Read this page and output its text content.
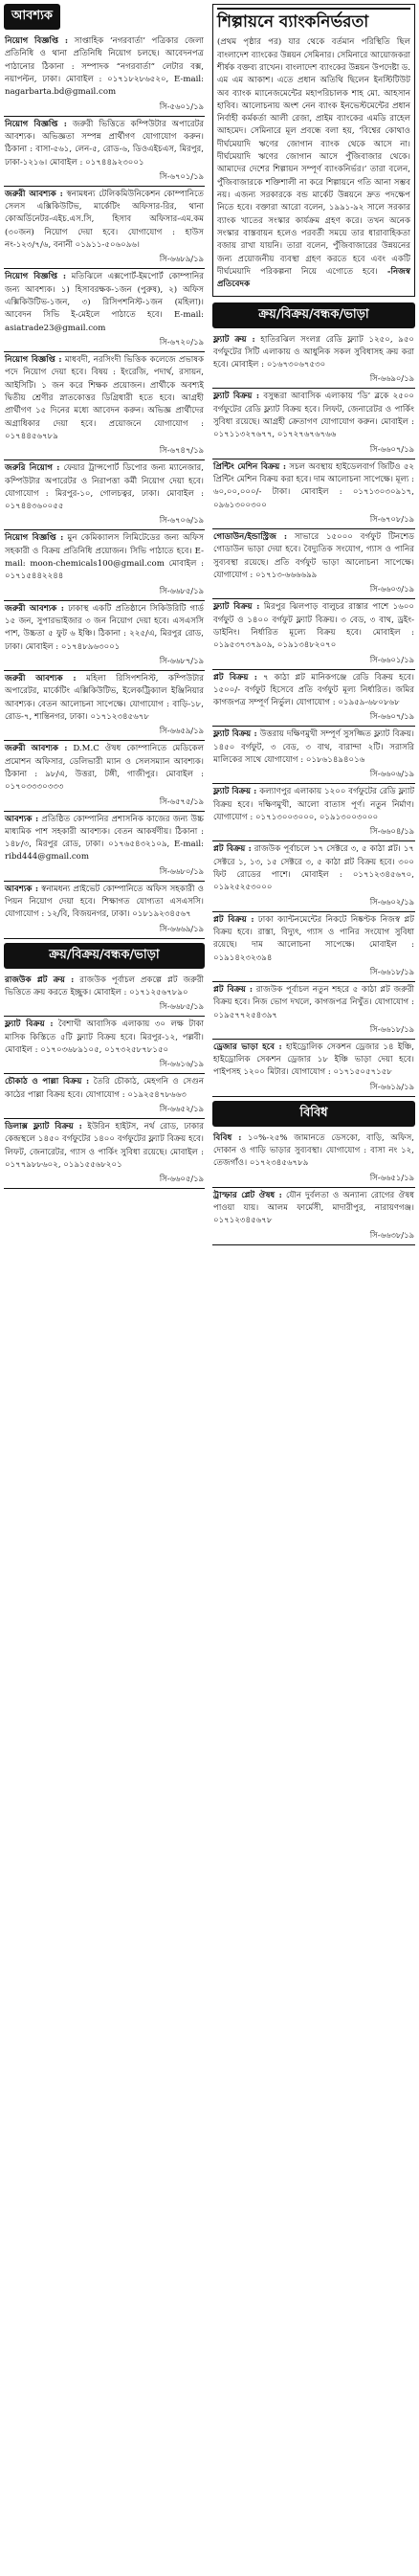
আবশ্যক

নিয়োগ বিজ্ঞপ্তি : সাপ্তাহিক ‘নগরবার্তা’ পত্রিকার জেলা প্রতিনিধি ও থানা প্রতিনিধি নিয়োগ চলছে। আবেদনপত্র পাঠানোর ঠিকানা : সম্পাদক “নগরবার্তা” লেটার বক্স, নয়াপল্টন, ঢাকা। মোবাইল : ০১৭১৮২৮৬৫২০, E-mail: nagarbarta.bd@gmail.com
সি-৫৬০১/১৯

নিয়োগ বিজ্ঞপ্তি : জরুরী ভিত্তিতে কম্পিউটার অপারেটর আবশ্যক। অভিজ্ঞতা সম্পন্ন প্রার্থীগণ যোগাযোগ করুন। ঠিকানা : বাসা-৫৬১, লেন-৫, রোড-৬, ডিওএইচএস, মিরপুর, ঢাকা-১২১৬। মোবাইল : ০১৭৪৪৯২৩০০১
সি-৬৭০১/১৯

জরুরী আবশ্যক : স্বনামধন্য টেলিকমিউনিকেশন কোম্পানিতে সেলস এক্সিকিউটিভ, মার্কেটিং অফিসার-রির, থানা কোঅর্ডিনেটর-এইচ.এস.সি, হিসাব অফিসার-এম.কম (৩০জন) নিয়োগ দেয়া হবে। যোগাযোগ : হাউস নং-১২৩/৭/৬, বনানী ০১৯১১-৫০৬০৯৬।
সি-৬৬৮৯/১৯

নিয়োগ বিজ্ঞপ্তি : মতিঝিলে এক্সপোর্ট-ইমপোর্ট কোম্পানির জন্য আবশ্যক। ১) হিসাবরক্ষক-১জন (পুরুষ), ২) অফিস এক্সিকিউটিভ-১জন, ৩) রিসিপশনিস্ট-১জন (মহিলা)। আবেদন সিভি ই-মেইলে পাঠাতে হবে। E-mail: asiatrade23@gmail.com
সি-৬৭২০/১৯

নিয়োগ বিজ্ঞপ্তি : মাধবদী, নরসিংদী ভিত্তিক কলেজে প্রভাষক পদে নিয়োগ দেয়া হবে। বিষয় : ইংরেজি, পদার্থ, রসায়ন, আইসিটি। ১ জন করে শিক্ষক প্রয়োজন। প্রার্থীকে অবশ্যই দ্বিতীয় শ্রেণীর স্নাতকোত্তর ডিগ্রিধারী হতে হবে। আগ্রহী প্রার্থীগণ ১৫ দিনের মধ্যে আবেদন করুন। অভিজ্ঞ প্রার্থীদের অগ্রাধিকার দেয়া হবে। প্রয়োজনে যোগাযোগ : ০১৭৪৪৫৬৭৮৯
সি-৬৭৪৭/১৯

জরুরি নিয়োগ : ফেয়ার ট্রান্সপোর্ট ডিপোর জন্য ম্যানেজার, কম্পিউটার অপারেটর ও নিরাপত্তা কর্মী নিয়োগ দেয়া হবে। যোগাযোগ : মিরপুর-১০, গোলচত্বর, ঢাকা। মোবাইল : ০১৭৪৪৩৬০০৫৫
সি-৬৭০৬/১৯

নিয়োগ বিজ্ঞপ্তি : মুন কেমিক্যালস লিমিটেডের জন্য অফিস সহকারী ও বিক্রয় প্রতিনিধি প্রয়োজন। সিভি পাঠাতে হবে। E-mail: moon-chemicals100@gmail.com মোবাইল : ০১৭১৫৪৪২২৪৪
সি-৬৬৮৫/১৯

জরুরী আবশ্যক : ঢাকাস্থ একটি প্রতিষ্ঠানে সিকিউরিটি গার্ড ১৫ জন, সুপারভাইজার ৩ জন নিয়োগ দেয়া হবে। এসএসসি পাশ, উচ্চতা ৫ ফুট ৬ ইঞ্চি। ঠিকানা : ২২৫/এ, মিরপুর রোড, ঢাকা। মোবাইল : ০১৭৪৮৯৬৩০০১
সি-৬৬৮৭/১৯

জরুরী আবশ্যক : মহিলা রিসিপশনিস্ট, কম্পিউটার অপারেটর, মার্কেটিং এক্সিকিউটিভ, ইলেকট্রিক্যাল ইঞ্জিনিয়ার আবশ্যক। বেতন আলোচনা সাপেক্ষে। যোগাযোগ : বাড়ি-১৮, রোড-৭, শান্তিনগর, ঢাকা। ০১৭১২৩৪৫৬৭৮
সি-৬৬৫৯/১৯

জরুরী আবশ্যক : D.M.C ঔষধ কোম্পানিতে মেডিকেল প্রমোশন অফিসার, ডেলিভারী ম্যান ও সেলসম্যান আবশ্যক। ঠিকানা : ৯৮/এ, উত্তরা, টঙ্গী, গাজীপুর। মোবাইল : ০১৭০৩৩৩০৩৩৩
সি-৬৫৭৫/১৯

আবশ্যক : প্রতিষ্ঠিত কোম্পানির প্রশাসনিক কাজের জন্য উচ্চ মাধ্যমিক পাশ সহকারী আবশ্যক। বেতন আকর্ষণীয়। ঠিকানা : ১৪৮/৩, মিরপুর রোড, ঢাকা। ০১৭৬৫৪৩২১০৯, E-mail: ribd444@gmail.com
সি-৬৬৮০/১৯

আবশ্যক : স্বনামধন্য প্রাইভেট কোম্পানিতে অফিস সহকারী ও পিয়ন নিয়োগ দেয়া হবে। শিক্ষাগত যোগ্যতা এসএসসি। যোগাযোগ : ১২/বি, বিজয়নগর, ঢাকা। ০১৮১৯২৩৪৫৬৭
সি-৬৬৬৯/১৯

ক্রয়/বিক্রয়/বন্ধক/ভাড়া

রাজউক প্লট ক্রয় : রাজউক পূর্বাচল প্রকল্পে প্লট জরুরী ভিত্তিতে ক্রয় করতে ইচ্ছুক। মোবাইল : ০১৭১২৫৬৭৮৯০
সি-৬৬৮৫/১৯

ফ্ল্যাট বিক্রয় : বৈশাখী আবাসিক এলাকায় ৩০ লক্ষ টাকা মাসিক কিস্তিতে ৫টি ফ্ল্যাট বিক্রয় হবে। মিরপুর-১২, পল্লবী। মোবাইল : ০১৭০৩৬৮৯১০৫, ০১৭৩২৫৮৭৮১৫০
সি-৬৬১৬/১৯

চৌকাঠ ও পাল্লা বিক্রয় : তৈরি চৌকাঠ, মেহগনি ও সেগুন কাঠের পাল্লা বিক্রয় হবে। যোগাযোগ : ০১৯২৫৪৭৮৬৬৩
সি-৬৬৫২/১৯

ডিলাক্স ফ্ল্যাট বিক্রয় : ইউরিন হাইটস, নর্থ রোড, ঢাকার কেন্দ্রস্থলে ১৪৫০ বর্গফুটের ১৪০০ বর্গফুটের ফ্ল্যাট বিক্রয় হবে। লিফট, জেনারেটর, গ্যাস ও পার্কিং সুবিধা রয়েছে। মোবাইল : ০১৭৭৯৮৮৬০২, ০১৯১৫৫৬৮২০১
সি-৬৬০৫/১৯

শিল্পায়নে ব্যাংকনির্ভরতা

(প্রথম পৃষ্ঠার পর) যার থেকে বর্তমান পরিস্থিতি ছিল বাংলাদেশ ব্যাংকের উন্নয়ন সেমিনার। সেমিনারে আয়োজকরা শীর্ষক বক্তব্য রাখেন। বাংলাদেশ ব্যাংকের উন্নয়ন উপদেষ্টা ড. এম এম আকাশ। এতে প্রধান অতিথি ছিলেন ইনস্টিটিউট অব ব্যাংক ম্যানেজমেন্টের মহাপরিচালক শাহ মো. আহসান হাবিব। আলোচনায় অংশ নেন ব্যাংক ইনভেস্টমেন্টের প্রধান নির্বাহী কর্মকর্তা আলী রেজা, প্রাইম ব্যাংকের এমডি রাহেল আহমেদ। সেমিনারে মূল প্রবন্ধে বলা হয়, ‘বিশ্বের কোথাও দীর্ঘমেয়াদি ঋণের জোগান ব্যাংক থেকে আসে না। দীর্ঘমেয়াদি ঋণের জোগান আসে পুঁজিবাজার থেকে। আমাদের দেশের শিল্পায়ন সম্পূর্ণ ব্যাংকনির্ভর।’ তারা বলেন, পুঁজিবাজারকে শক্তিশালী না করে শিল্পায়নে গতি আনা সম্ভব নয়। এজন্য সরকারকে বন্ড মার্কেট উন্নয়নে দ্রুত পদক্ষেপ নিতে হবে। বক্তারা আরো বলেন, ১৯৯১-৯২ সালে সরকার ব্যাংক খাতের সংস্কার কার্যক্রম গ্রহণ করে। তখন অনেক সংস্কার বাস্তবায়ন হলেও পরবর্তী সময়ে তার ধারাবাহিকতা বজায় রাখা যায়নি। তারা বলেন, পুঁজিবাজারের উন্নয়নের জন্য প্রয়োজনীয় ব্যবস্থা গ্রহণ করতে হবে এবং একটি দীর্ঘমেয়াদি পরিকল্পনা নিয়ে এগোতে হবে। -নিজস্ব প্রতিবেদক

ক্রয়/বিক্রয়/বন্ধক/ভাড়া

ফ্ল্যাট ক্রয় : হাতিরঝিল সংলগ্ন রেডি ফ্ল্যাট ১২৫০, ৯৫০ বর্গফুটের সিটি এলাকায় ও আধুনিক সকল সুবিধাসহ ক্রয় করা হবে। মোবাইল : ০১৬৭৩০৬৭৫৩০
সি-৬৬৯০/১৯

ফ্ল্যাট বিক্রয় : বসুন্ধরা আবাসিক এলাকায় ‘ডি’ ব্লকে ২৫০০ বর্গফুটের রেডি ফ্ল্যাট বিক্রয় হবে। লিফট, জেনারেটর ও পার্কিং সুবিধা রয়েছে। আগ্রহী ক্রেতাগণ যোগাযোগ করুন। মোবাইল : ০১৭১১৩২৭৬৭৭, ০১৭২৭৬৭৬৭৬৬
সি-৬৬০৭/১৯

প্রিন্টিং মেশিন বিক্রয় : সচল অবস্থায় হাইডেলবার্গ জিটিও ৫২ প্রিন্টিং মেশিন বিক্রয় করা হবে। দাম আলোচনা সাপেক্ষে। মূল্য : ৬০,০০,০০০/- টাকা। মোবাইল : ০১৭১৩০৩০৯১৭, ০৯৬১৩০০৩০০
সি-৬৭০৮/১৯

গোডাউন/ইন্ডাস্ট্রিজ : সাভারে ১৫০০০ বর্গফুট টিনশেড গোডাউন ভাড়া দেয়া হবে। বৈদ্যুতিক সংযোগ, গ্যাস ও পানির সুব্যবস্থা রয়েছে। প্রতি বর্গফুট ভাড়া আলোচনা সাপেক্ষে। যোগাযোগ : ০১৭১৩-৬৬৬৬৯৯
সি-৬৬০৩/১৯

ফ্ল্যাট বিক্রয় : মিরপুর ঝিলপাড় বালুচর রাস্তার পাশে ১৬০০ বর্গফুট ও ১৪০০ বর্গফুট ফ্ল্যাট বিক্রয়। ৩ বেড, ৩ বাথ, ড্রইং-ডাইনিং। নির্ধারিত মূল্যে বিক্রয় হবে। মোবাইল : ০১৯৫৩৭৩৭৯০৯, ০১৯১৩৪৮২০৭০
সি-৬৬০১/১৯

প্লট বিক্রয় : ৭ কাঠা প্লট মানিকগঞ্জে রেডি বিক্রয় হবে। ১৫০০/- বর্গফুট হিসেবে প্রতি বর্গফুট মূল্য নির্ধারিত। জমির কাগজপত্র সম্পূর্ণ নির্ভুল। যোগাযোগ : ০১৯৫৯-৬৮০৮৬৮
সি-৬৬০৭/১৯

ফ্ল্যাট বিক্রয় : উত্তরায় দক্ষিণমুখী সম্পূর্ণ সুসজ্জিত ফ্ল্যাট বিক্রয়। ১৪৫০ বর্গফুট, ৩ বেড, ৩ বাথ, বারান্দা ২টি। সরাসরি মালিকের সাথে যোগাযোগ : ০১৮৬১৪৯৪০১৬
সি-৬৬০৬/১৯

ফ্ল্যাট বিক্রয় : কল্যাণপুর এলাকায় ১২০০ বর্গফুটের রেডি ফ্ল্যাট বিক্রয় হবে। দক্ষিণমুখী, আলো বাতাস পূর্ণ। নতুন নির্মাণ। যোগাযোগ : ০১৭১৩০০৩০০০, ০১৯১৩০০৩০০০
সি-৬৬০৪/১৯

প্লট বিক্রয় : রাজউক পূর্বাচলে ১৭ সেক্টরে ৩, ৫ কাঠা প্লট। ১৭ সেক্টরে ১, ১৩, ১৫ সেক্টরে ৩, ৫ কাঠা প্লট বিক্রয় হবে। ৩০০ ফিট রোডের পাশে। মোবাইল : ০১৭১২৩৪৫৬৭০, ০১৯২৫২৫৩০০০
সি-৬৬০২/১৯

প্লট বিক্রয় : ঢাকা ক্যান্টনমেন্টের নিকটে নিষ্কণ্টক নিজস্ব প্লট বিক্রয় হবে। রাস্তা, বিদ্যুৎ, গ্যাস ও পানির সংযোগ সুবিধা রয়েছে। দাম আলোচনা সাপেক্ষে। মোবাইল : ০১৯১৪২৩২৩৯৪
সি-৬৬১৮/১৯

প্লট বিক্রয় : রাজউক পূর্বাচল নতুন শহরে ৫ কাঠা প্লট জরুরী বিক্রয় হবে। নিজ ভোগ দখলে, কাগজপত্র নিখুঁত। যোগাযোগ : ০১৯৫৭৭২৫৪৩৯৭
সি-৬৬১৮/১৯

ড্রেজার ভাড়া হবে : হাইড্রোলিক সেকশন ড্রেজার ১৪ ইঞ্চি, হাইড্রোলিক সেকশন ড্রেজার ১৮ ইঞ্চি ভাড়া দেয়া হবে। পাইপসহ ১২০০ মিটার। যোগাযোগ : ০১৭১৫০৫৭১৫৮
সি-৬৬১৯/১৯

বিবিধ

বিবিধ : ১০%-২৫% জামানতে ডেসকো, বাড়ি, অফিস, দোকান ও গাড়ি ভাড়ার সুব্যবস্থা। যোগাযোগ : বাসা নং ১২, তেজগাঁও। ০১৭২৩৪৫৬৭৮৯
সি-৬৬৫১/১৯

ট্রাস্ফার প্লেট ঔষধ : যৌন দুর্বলতা ও অন্যান্য রোগের ঔষধ পাওয়া যায়। আলম ফার্মেসী, মাদারীপুর, নারায়ণগঞ্জ। ০১৭১২৩৪৫৬৭৮
সি-৬৬৩৮/১৯
